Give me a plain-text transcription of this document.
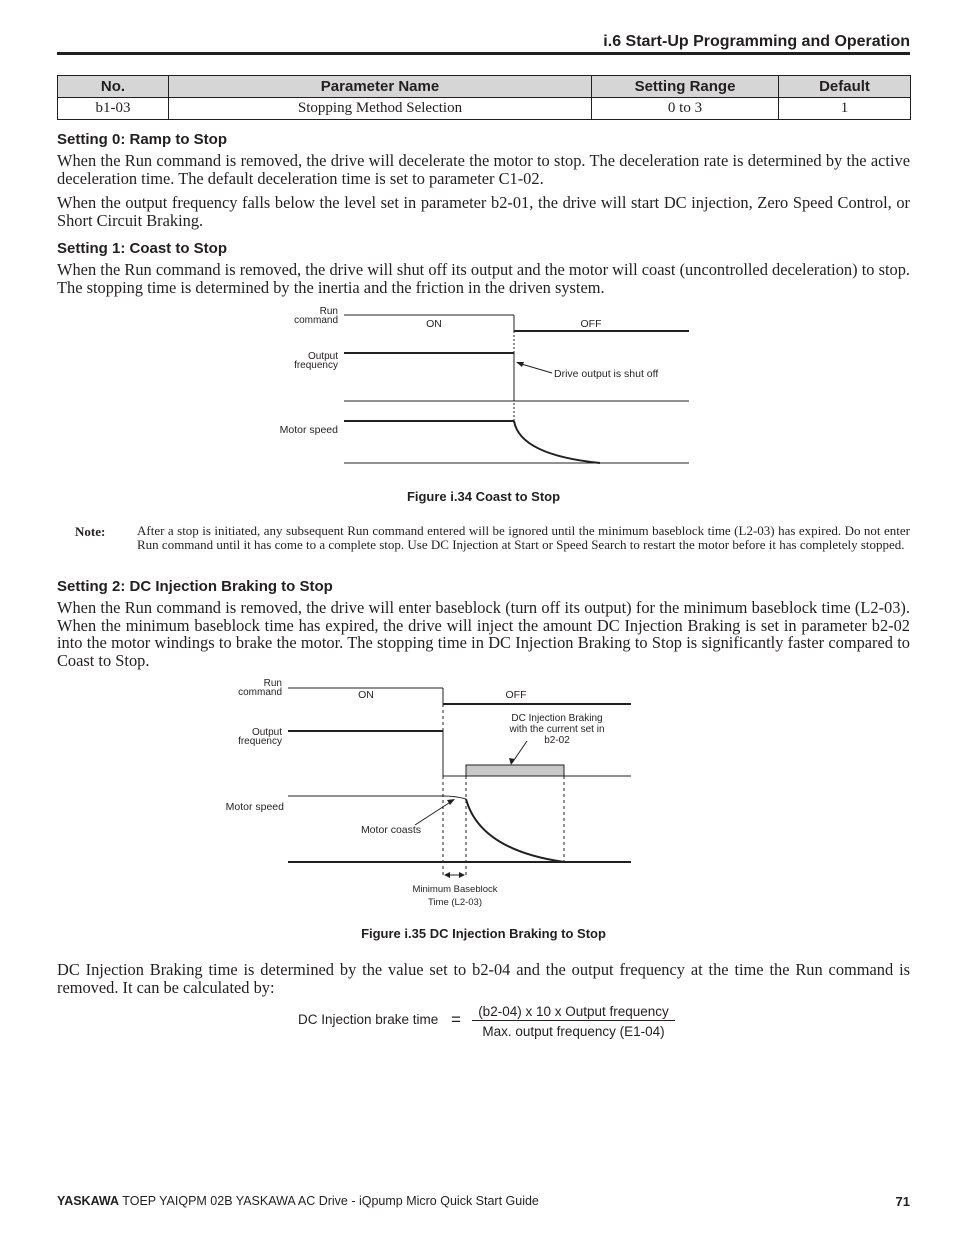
i.6 Start-Up Programming and Operation
No.	Parameter Name	Setting Range	Default
b1-03	Stopping Method Selection	0 to 3	1
Setting 0: Ramp to Stop
When the Run command is removed, the drive will decelerate the motor to stop. The deceleration rate is determined by the active deceleration time. The default deceleration time is set to parameter C1-02.
When the output frequency falls below the level set in parameter b2-01, the drive will start DC injection, Zero Speed Control, or Short Circuit Braking.
Setting 1: Coast to Stop
When the Run command is removed, the drive will shut off its output and the motor will coast (uncontrolled deceleration) to stop. The stopping time is determined by the inertia and the friction in the driven system.
Run
command	ON	OFF
Output
frequency
Drive output is shut off
Motor speed
Figure i.34 Coast to Stop
Note: After a stop is initiated, any subsequent Run command entered will be ignored until the minimum baseblock time (L2-03) has expired. Do not enter Run command until it has come to a complete stop. Use DC Injection at Start or Speed Search to restart the motor before it has completely stopped.
Setting 2: DC Injection Braking to Stop
When the Run command is removed, the drive will enter baseblock (turn off its output) for the minimum baseblock time (L2-03). When the minimum baseblock time has expired, the drive will inject the amount DC Injection Braking is set in parameter b2-02 into the motor windings to brake the motor. The stopping time in DC Injection Braking to Stop is significantly faster compared to Coast to Stop.
Run
command	ON	OFF
Output
frequency
DC Injection Braking
with the current set in
b2-02
Motor speed
Motor coasts
Minimum Baseblock
Time (L2-03)
Figure i.35 DC Injection Braking to Stop
DC Injection Braking time is determined by the value set to b2-04 and the output frequency at the time the Run command is removed. It can be calculated by:
DC Injection brake time =	(b2-04) x 10 x Output frequency
Max. output frequency (E1-04)
YASKAWA TOEP YAIQPM 02B YASKAWA AC Drive - iQpump Micro Quick Start Guide	71
